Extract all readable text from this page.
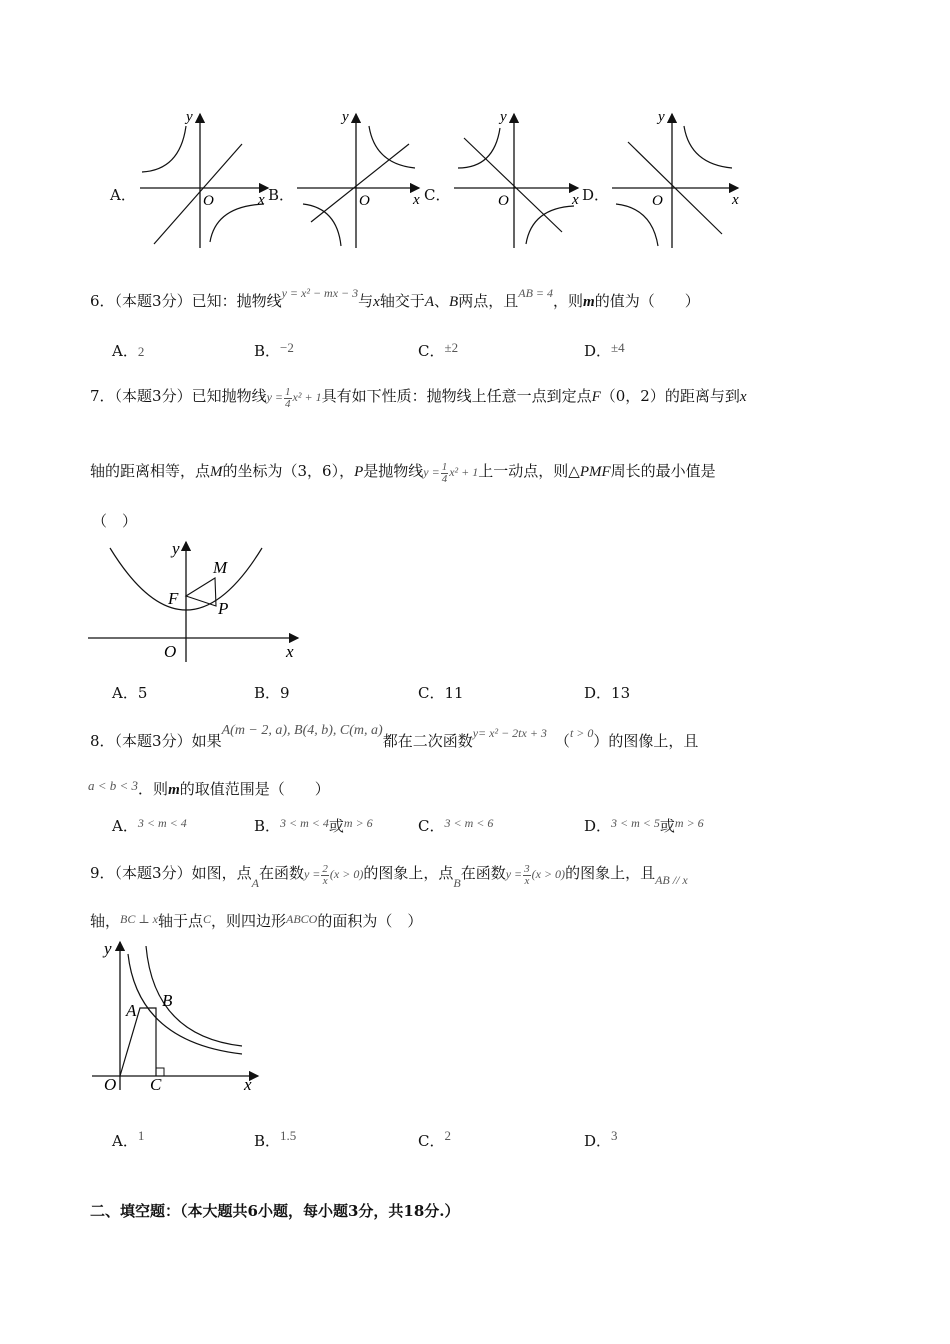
A．	B．	C．	D．
y
x
O
y
x
O
y
x
O
y
x
O
6．（本题3分）已知：抛物线$^{y = x^2 - mx - 3}$与x轴交于A、B两点，且$^{AB = 4}$，则m的值为（　　）
A．2	B．−2	C．±2	D．±4
7．（本题3分）已知抛物线$y = \frac{1}{4} x^2 + 1$具有如下性质：抛物线上任意一点到定点F（0，2）的距离与到x
轴的距离相等，点M的坐标为（3，6），P是抛物线$y = \frac{1}{4} x^2 + 1$上一动点，则△PMF周长的最小值是
（　）
y
x
O
F
M
P
A．5	B．9	C．11	D．13
8．（本题3分）如果A(m − 2, a), B(4, b), C(m, a)都在二次函数$^{y= x^2 - 2tx + 3}$ （$^{t > 0}$）的图像上，且
a < b < 3．则m的取值范围是（　　）
A．$^{3 < m < 4}$	B．$^{3 < m < 4}$或$^{m > 6}$	C．$^{3 < m < 6}$	D．$^{3 < m < 5}$或$^{m > 6}$
9．（本题3分）如图，点$_A$在函数$y = \frac{2}{x} (x > 0)$的图象上，点$_B$在函数$y = \frac{3}{x} (x > 0)$的图象上，且$_{AB // x}$
轴，$^{BC \perp x}$轴于点$^C$，则四边形$^{ABCO}$的面积为（　）
y
x
O
A
B
C
A．1	B．1.5	C．2	D．3
二、填空题：（本大题共6小题，每小题3分，共18分.）
